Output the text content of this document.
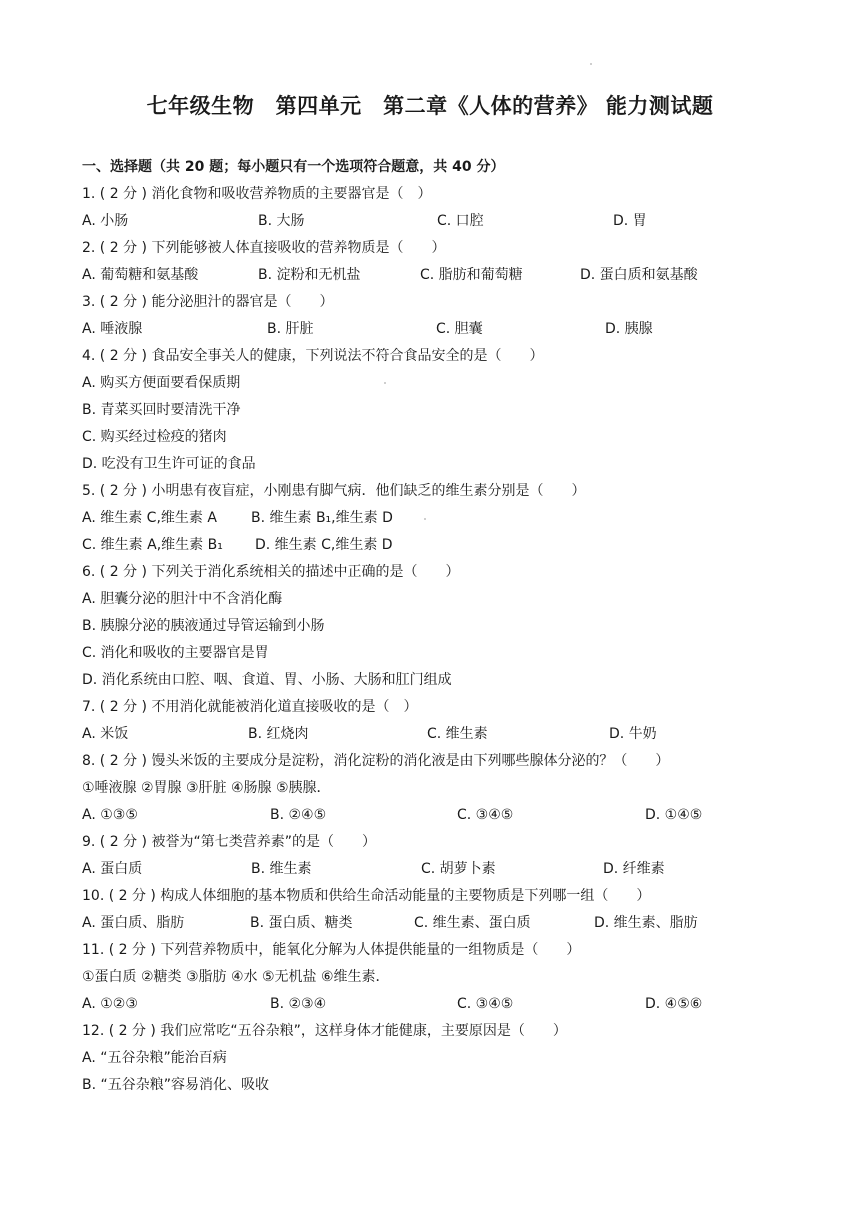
七年级生物　第四单元　第二章《人体的营养》 能力测试题
一、选择题（共 20 题；每小题只有一个选项符合题意，共 40 分）
1. ( 2 分 ) 消化食物和吸收营养物质的主要器官是（　）
A. 小肠	B. 大肠	C. 口腔	D. 胃
2. ( 2 分 ) 下列能够被人体直接吸收的营养物质是（　　）
A. 葡萄糖和氨基酸	B. 淀粉和无机盐	C. 脂肪和葡萄糖	D. 蛋白质和氨基酸
3. ( 2 分 ) 能分泌胆汁的器官是（　　）
A. 唾液腺	B. 肝脏	C. 胆囊	D. 胰腺
4. ( 2 分 ) 食品安全事关人的健康，下列说法不符合食品安全的是（　　）
A. 购买方便面要看保质期
B. 青菜买回时要清洗干净
C. 购买经过检疫的猪肉
D. 吃没有卫生许可证的食品
5. ( 2 分 ) 小明患有夜盲症，小刚患有脚气病．他们缺乏的维生素分别是（　　）
A. 维生素 C,维生素 A B. 维生素 B₁,维生素 D
C. 维生素 A,维生素 B₁ D. 维生素 C,维生素 D
6. ( 2 分 ) 下列关于消化系统相关的描述中正确的是（　　）
A. 胆囊分泌的胆汁中不含消化酶
B. 胰腺分泌的胰液通过导管运输到小肠
C. 消化和吸收的主要器官是胃
D. 消化系统由口腔、咽、食道、胃、小肠、大肠和肛门组成
7. ( 2 分 ) 不用消化就能被消化道直接吸收的是（　）
A. 米饭	B. 红烧肉	C. 维生素	D. 牛奶
8. ( 2 分 ) 馒头米饭的主要成分是淀粉，消化淀粉的消化液是由下列哪些腺体分泌的？（　　）
①唾液腺 ②胃腺 ③肝脏 ④肠腺 ⑤胰腺．
A. ①③⑤	B. ②④⑤	C. ③④⑤	D. ①④⑤
9. ( 2 分 ) 被誉为“第七类营养素”的是（　　）
A. 蛋白质	B. 维生素	C. 胡萝卜素	D. 纤维素
10. ( 2 分 ) 构成人体细胞的基本物质和供给生命活动能量的主要物质是下列哪一组（　　）
A. 蛋白质、脂肪	B. 蛋白质、糖类	C. 维生素、蛋白质	D. 维生素、脂肪
11. ( 2 分 ) 下列营养物质中，能氧化分解为人体提供能量的一组物质是（　　）
①蛋白质 ②糖类 ③脂肪 ④水 ⑤无机盐 ⑥维生素．
A. ①②③	B. ②③④	C. ③④⑤	D. ④⑤⑥
12. ( 2 分 ) 我们应常吃“五谷杂粮”，这样身体才能健康，主要原因是（　　）
A. “五谷杂粮”能治百病
B. “五谷杂粮”容易消化、吸收
